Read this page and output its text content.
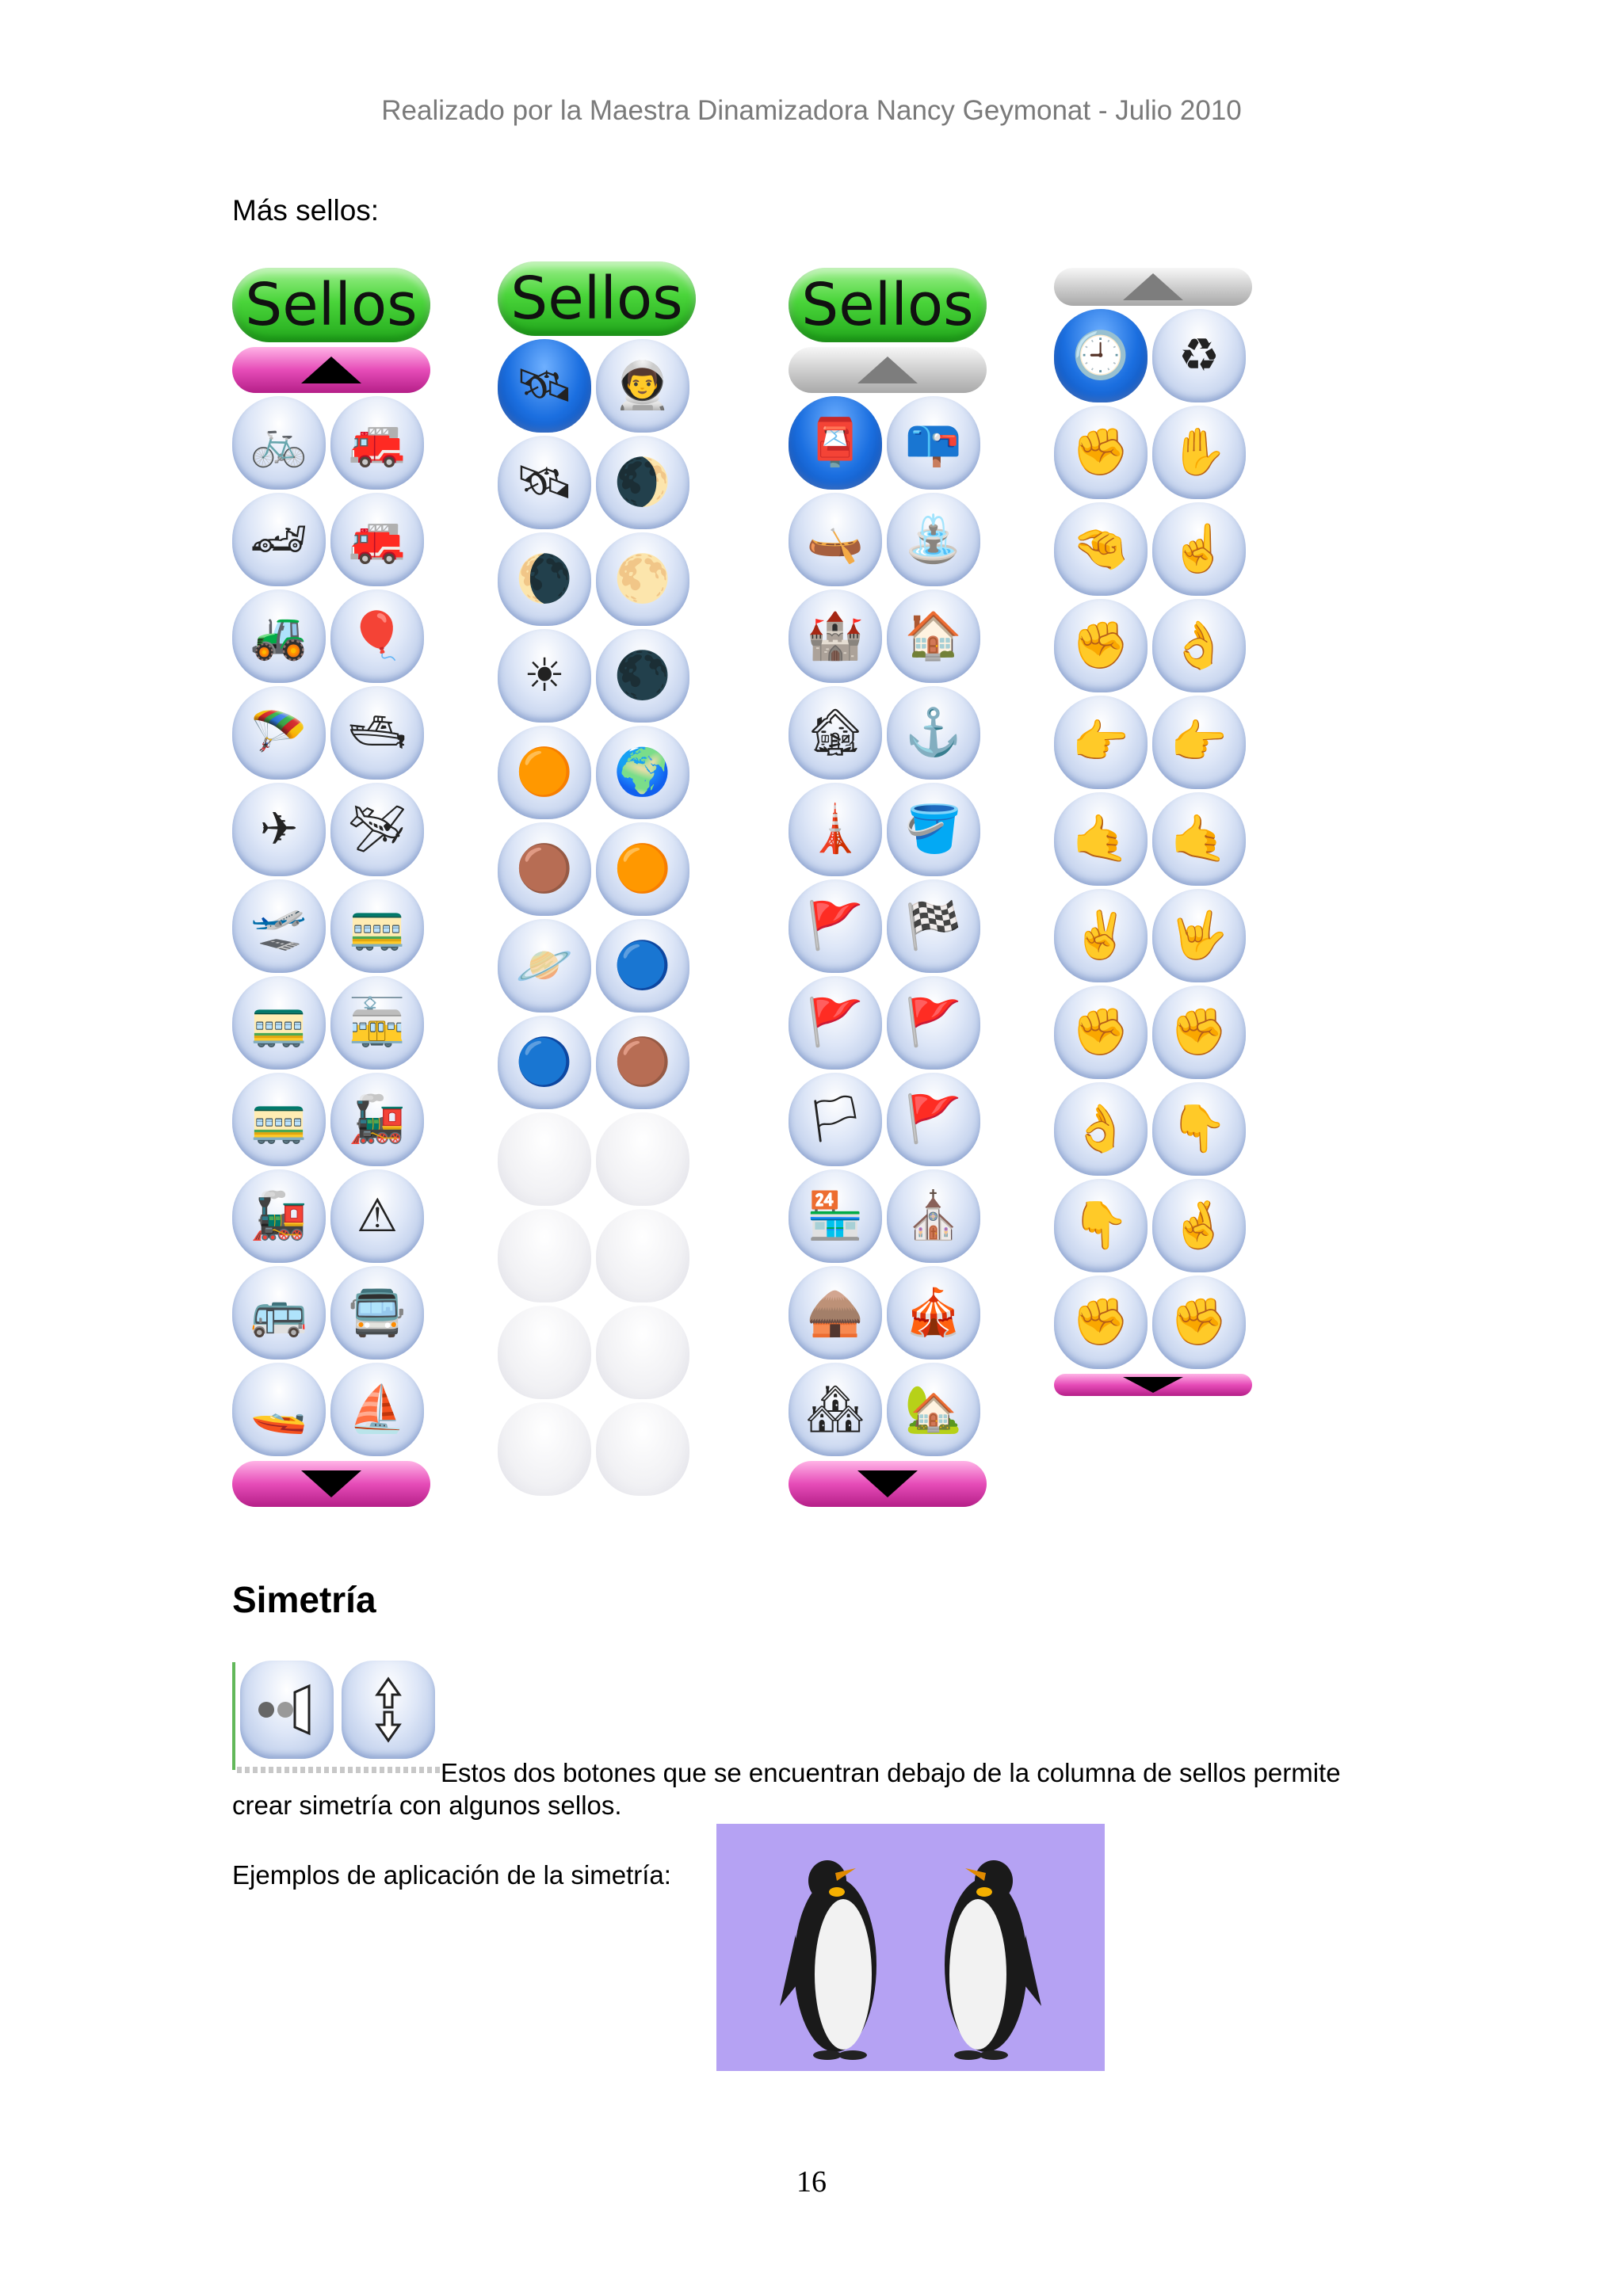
Realizado por la Maestra Dinamizadora Nancy Geymonat - Julio 2010
Más sellos:
Sellos
🚲 🚒
🏎 🚒
🚜 🎈
🪂 🛥
✈ 🛩
🛫 🚃
🚃 🚋
🚃 🚂
🚂 ⚠
🚌 🚍
🚤 ⛵
Sellos
🛰 👨‍🚀
🛰 🌒
🌘 🌕
☀ 🌑
🟠 🌍
🟤 🟠
🪐 🔵
🔵 🟤
Sellos
📮 📪
🛶 ⛲
🏰 🏠
🏚 ⚓
🗼 🪣
🚩 🏁
🚩 🚩
🏳 🚩
🏪 ⛪
🛖 🎪
🏘 🏡
🕘 ♻
✊ ✋
🤏 ☝
✊ 👌
👉 👉
🤙 🤙
✌ 🤟
✊ ✊
👌 👇
👇 🤞
✊ ✊
Simetría
Estos dos botones que se encuentran debajo de la columna de sellos permite
crear simetría con algunos sellos.
Ejemplos de aplicación de la simetría:
16
